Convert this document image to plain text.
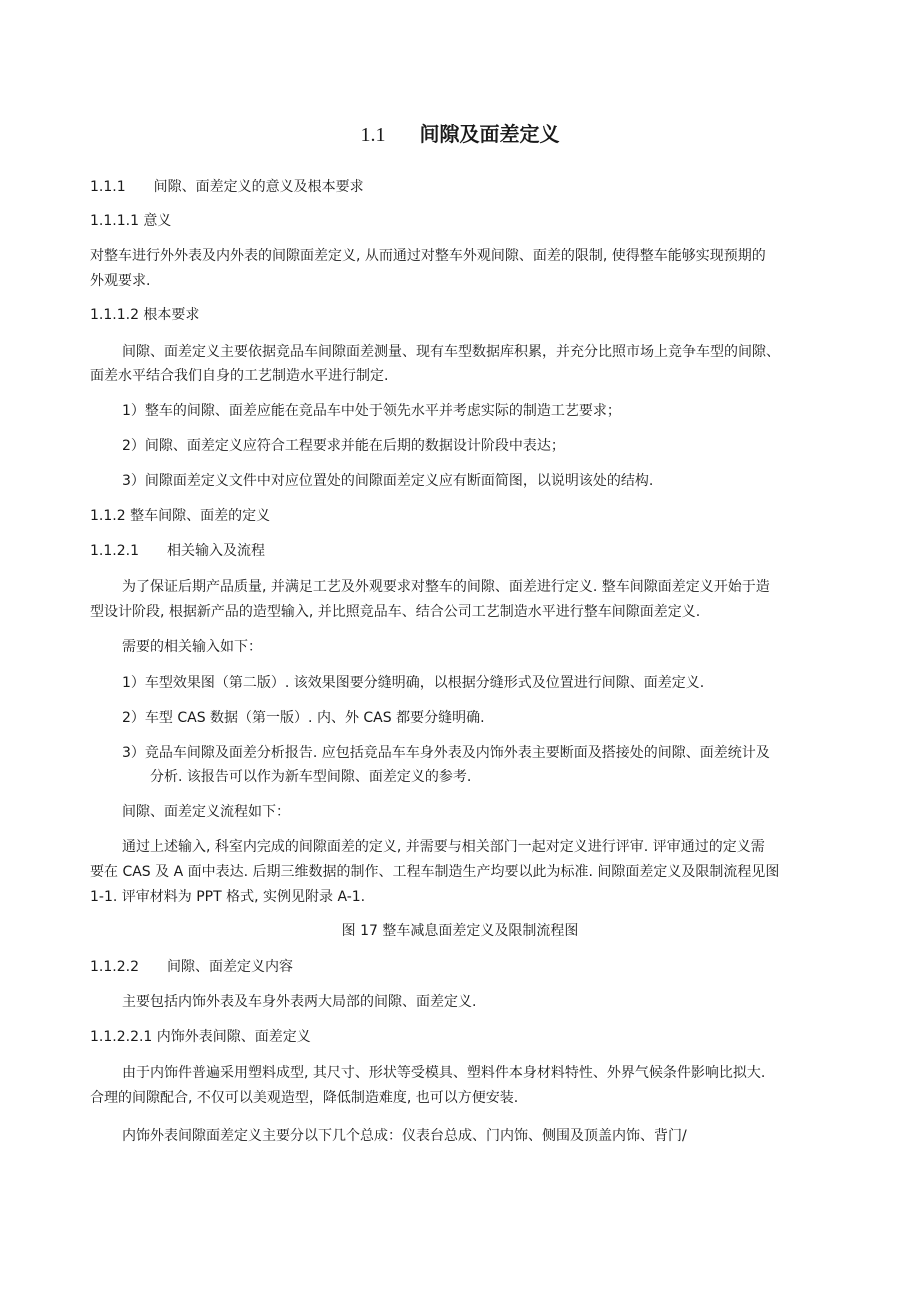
1.1 间隙及面差定义
1.1.1 间隙、面差定义的意义及根本要求
1.1.1.1 意义
对整车进行外外表及内外表的间隙面差定义, 从而通过对整车外观间隙、面差的限制, 使得整车能够实现预期的
外观要求.
1.1.1.2 根本要求
间隙、面差定义主要依据竞品车间隙面差测量、现有车型数据库积累，并充分比照市场上竞争车型的间隙、
面差水平结合我们自身的工艺制造水平进行制定.
1）整车的间隙、面差应能在竞品车中处于领先水平并考虑实际的制造工艺要求；
2）间隙、面差定义应符合工程要求并能在后期的数据设计阶段中表达；
3）间隙面差定义文件中对应位置处的间隙面差定义应有断面简图，以说明该处的结构.
1.1.2 整车间隙、面差的定义
1.1.2.1 相关输入及流程
为了保证后期产品质量, 并满足工艺及外观要求对整车的间隙、面差进行定义. 整车间隙面差定义开始于造
型设计阶段, 根据新产品的造型输入, 并比照竞品车、结合公司工艺制造水平进行整车间隙面差定义.
需要的相关输入如下：
1）车型效果图（第二版）. 该效果图要分缝明确，以根据分缝形式及位置进行间隙、面差定义.
2）车型 CAS 数据（第一版）. 内、外 CAS 都要分缝明确.
3）竞品车间隙及面差分析报告. 应包括竞品车车身外表及内饰外表主要断面及搭接处的间隙、面差统计及
分析. 该报告可以作为新车型间隙、面差定义的参考.
间隙、面差定义流程如下：
通过上述输入, 科室内完成的间隙面差的定义, 并需要与相关部门一起对定义进行评审. 评审通过的定义需
要在 CAS 及 A 面中表达. 后期三维数据的制作、工程车制造生产均要以此为标准. 间隙面差定义及限制流程见图
1-1. 评审材料为 PPT 格式, 实例见附录 A-1.
图 17 整车减息面差定义及限制流程图
1.1.2.2 间隙、面差定义内容
主要包括内饰外表及车身外表两大局部的间隙、面差定义.
1.1.2.2.1 内饰外表间隙、面差定义
由于内饰件普遍采用塑料成型, 其尺寸、形状等受模具、塑料件本身材料特性、外界气候条件影响比拟大.
合理的间隙配合, 不仅可以美观造型，降低制造难度, 也可以方便安装.
内饰外表间隙面差定义主要分以下几个总成：仪表台总成、门内饰、侧围及顶盖内饰、背门/
